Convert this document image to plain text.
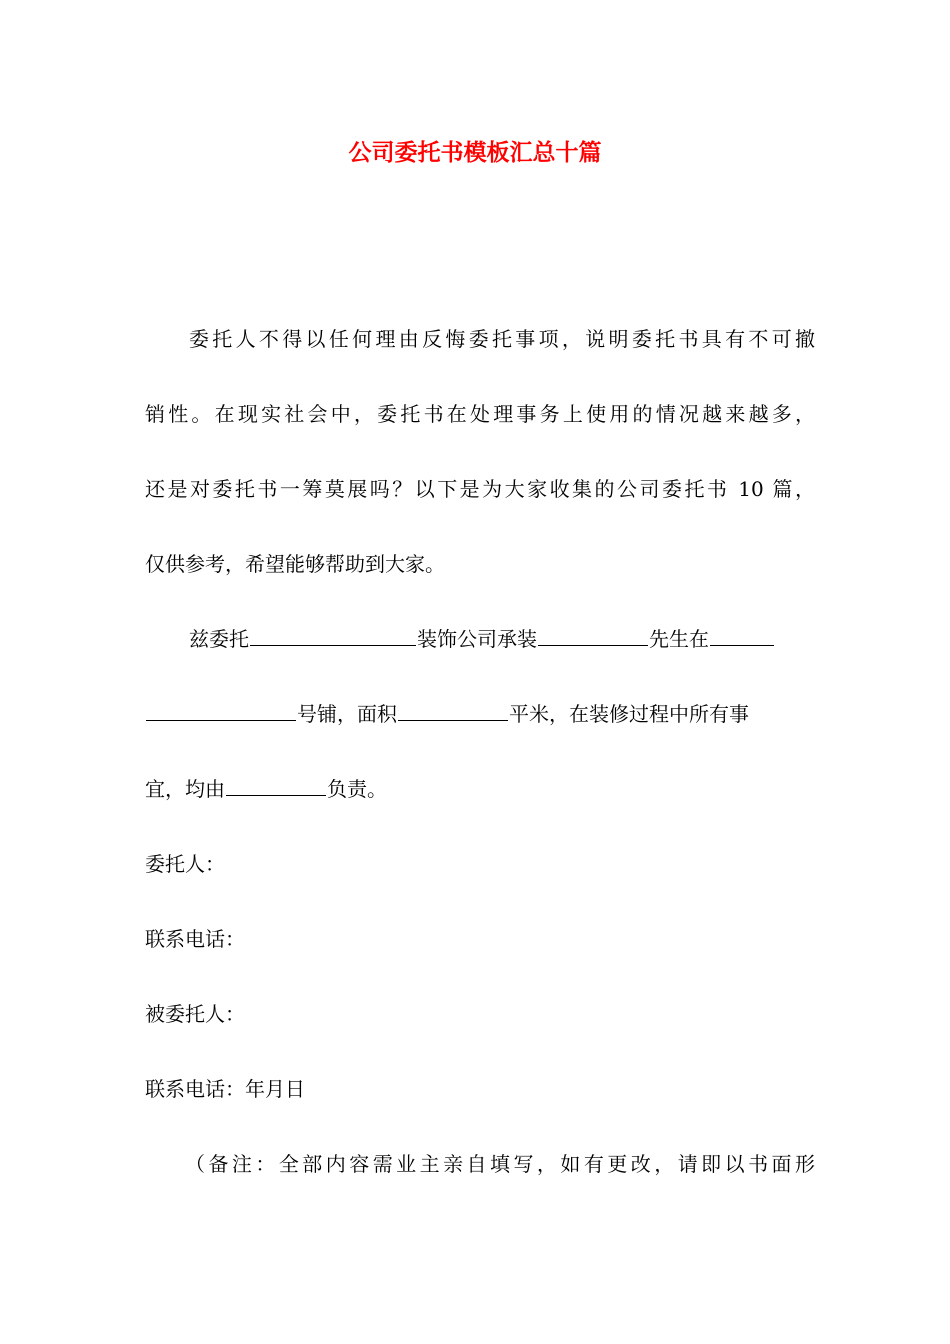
公司委托书模板汇总十篇

委托人不得以任何理由反悔委托事项，说明委托书具有不可撤

销性。在现实社会中，委托书在处理事务上使用的情况越来越多，

还是对委托书一筹莫展吗？以下是为大家收集的公司委托书 10 篇，

仅供参考，希望能够帮助到大家。

兹委托	装饰公司承装	先生在

号铺，面积	平米，在装修过程中所有事

宜，均由	负责。

委托人：

联系电话：

被委托人：

联系电话：年月日

（备注：全部内容需业主亲自填写，如有更改，请即以书面形
